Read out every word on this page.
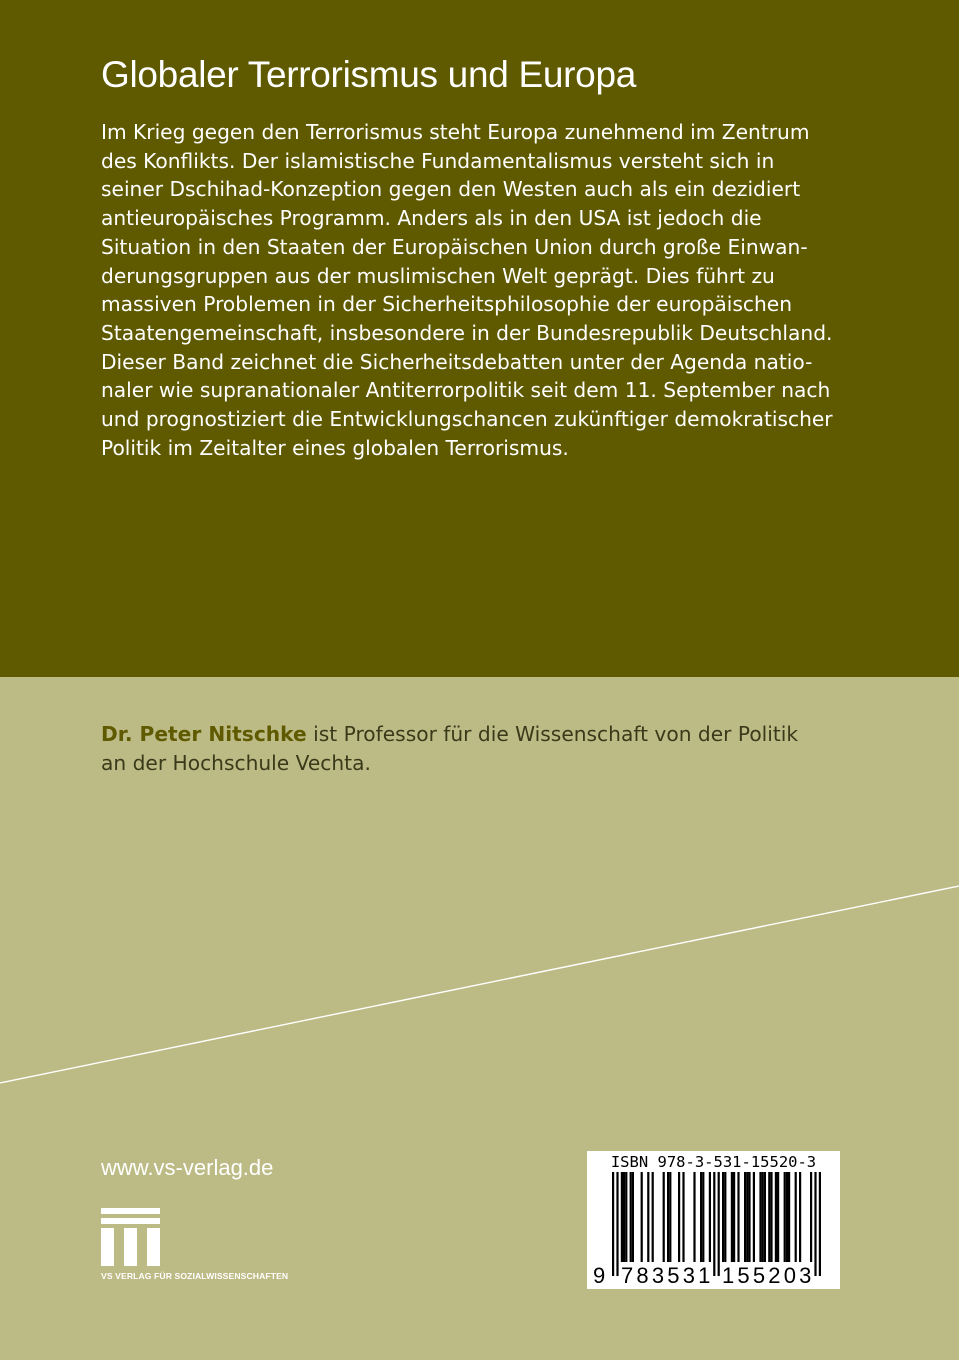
Globaler Terrorismus und Europa
Im Krieg gegen den Terrorismus steht Europa zunehmend im Zentrum
des Konflikts. Der islamistische Fundamentalismus versteht sich in
seiner Dschihad-Konzeption gegen den Westen auch als ein dezidiert
antieuropäisches Programm. Anders als in den USA ist jedoch die
Situation in den Staaten der Europäischen Union durch große Einwan-
derungsgruppen aus der muslimischen Welt geprägt. Dies führt zu
massiven Problemen in der Sicherheitsphilosophie der europäischen
Staatengemeinschaft, insbesondere in der Bundesrepublik Deutschland.
Dieser Band zeichnet die Sicherheitsdebatten unter der Agenda natio-
naler wie supranationaler Antiterrorpolitik seit dem 11. September nach
und prognostiziert die Entwicklungschancen zukünftiger demokratischer
Politik im Zeitalter eines globalen Terrorismus.
Dr. Peter Nitschke ist Professor für die Wissenschaft von der Politik
an der Hochschule Vechta.
www.vs-verlag.de
VS VERLAG FÜR SOZIALWISSENSCHAFTEN
ISBN 978-3-531-15520-3
9 783531 155203
